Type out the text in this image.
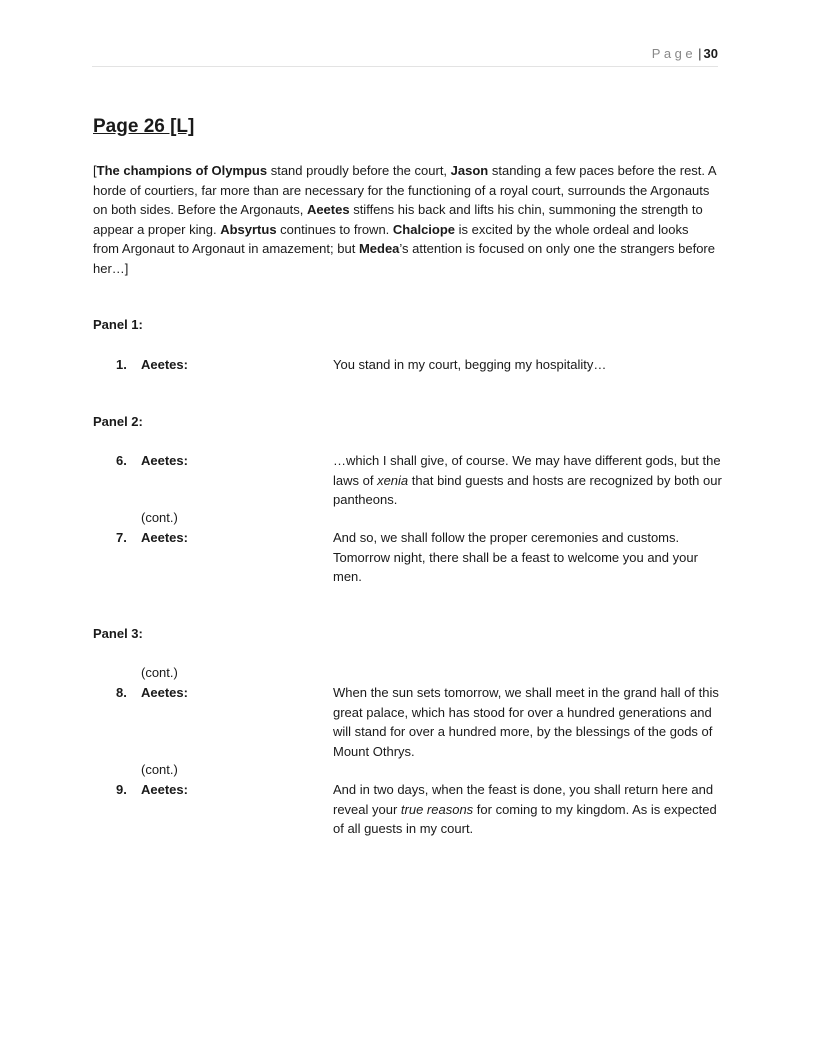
Page | 30
Page 26 [L]

[The champions of Olympus stand proudly before the court, Jason standing a few paces before the rest. A horde of courtiers, far more than are necessary for the functioning of a royal court, surrounds the Argonauts on both sides. Before the Argonauts, Aeetes stiffens his back and lifts his chin, summoning the strength to appear a proper king. Absyrtus continues to frown. Chalciope is excited by the whole ordeal and looks from Argonaut to Argonaut in amazement; but Medea’s attention is focused on only one the strangers before her…]

Panel 1:
1. Aeetes:	You stand in my court, begging my hospitality…
Panel 2:
6. Aeetes:	…which I shall give, of course. We may have different gods, but the laws of xenia that bind guests and hosts are recognized by both our pantheons.
(cont.)
7. Aeetes:	And so, we shall follow the proper ceremonies and customs. Tomorrow night, there shall be a feast to welcome you and your men.
Panel 3:
(cont.)
8. Aeetes:	When the sun sets tomorrow, we shall meet in the grand hall of this great palace, which has stood for over a hundred generations and will stand for over a hundred more, by the blessings of the gods of Mount Othrys.
(cont.)
9. Aeetes:	And in two days, when the feast is done, you shall return here and reveal your true reasons for coming to my kingdom. As is expected of all guests in my court.
